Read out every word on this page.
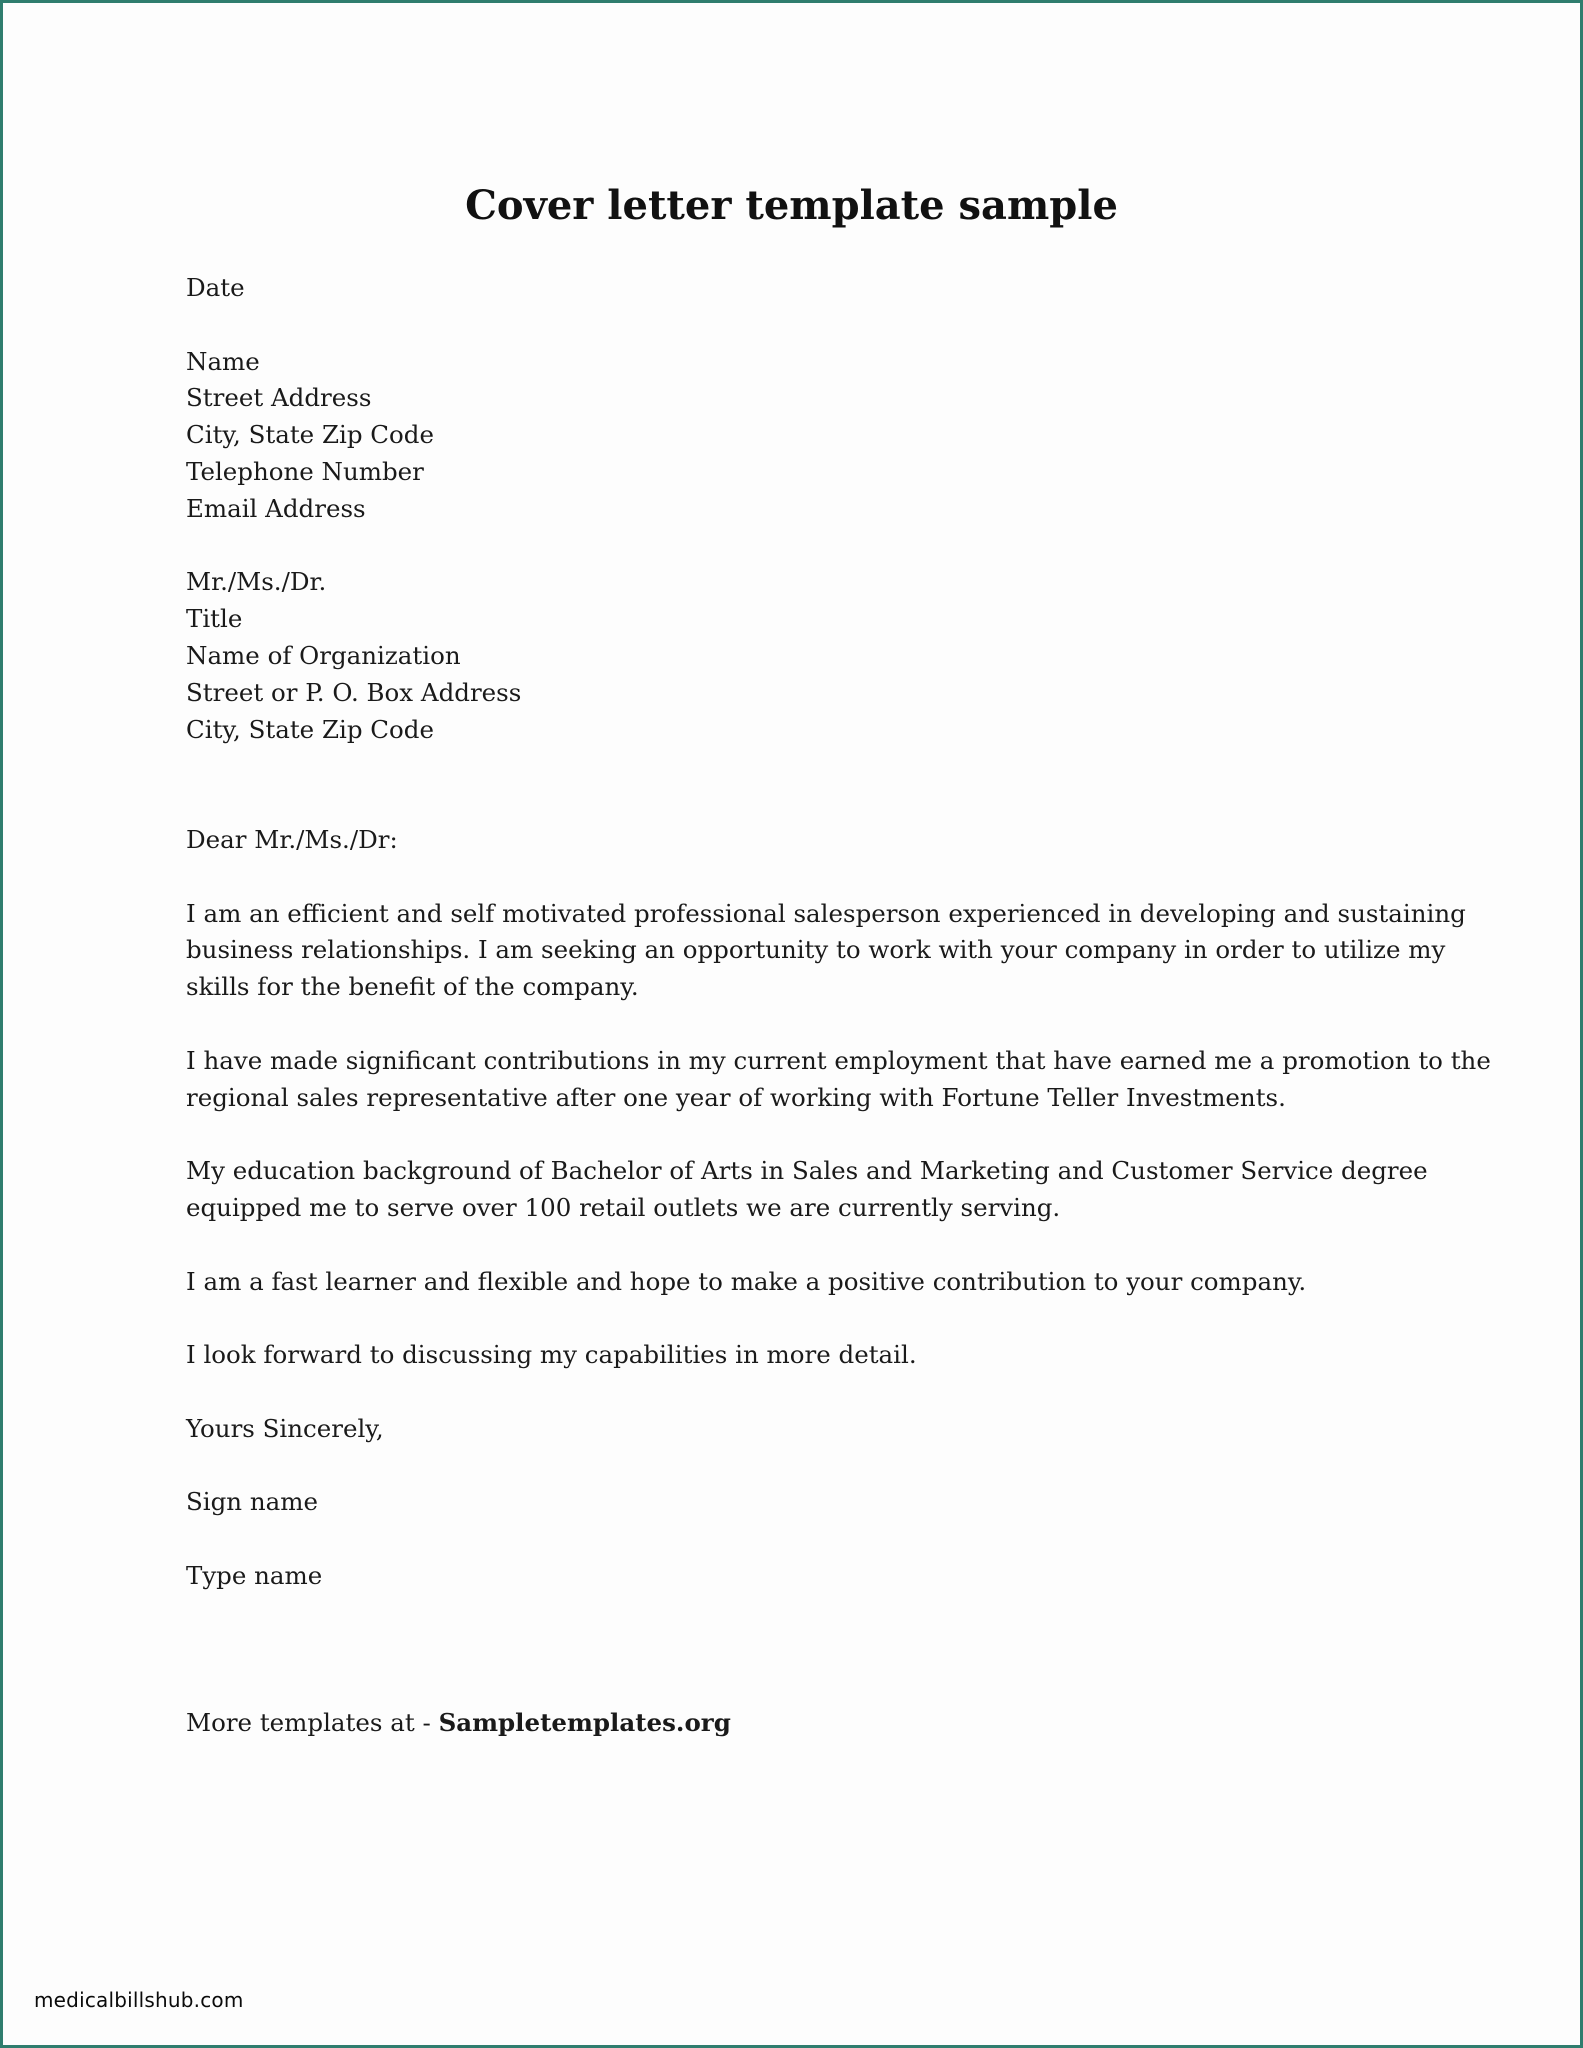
Cover letter template sample
Date
Name
Street Address
City, State Zip Code
Telephone Number
Email Address
Mr./Ms./Dr.
Title
Name of Organization
Street or P. O. Box Address
City, State Zip Code
Dear Mr./Ms./Dr:
I am an efficient and self motivated professional salesperson experienced in developing and sustaining
business relationships. I am seeking an opportunity to work with your company in order to utilize my
skills for the benefit of the company.
I have made significant contributions in my current employment that have earned me a promotion to the
regional sales representative after one year of working with Fortune Teller Investments.
My education background of Bachelor of Arts in Sales and Marketing and Customer Service degree
equipped me to serve over 100 retail outlets we are currently serving.
I am a fast learner and flexible and hope to make a positive contribution to your company.
I look forward to discussing my capabilities in more detail.
Yours Sincerely,
Sign name
Type name
More templates at - Sampletemplates.org
medicalbillshub.com
